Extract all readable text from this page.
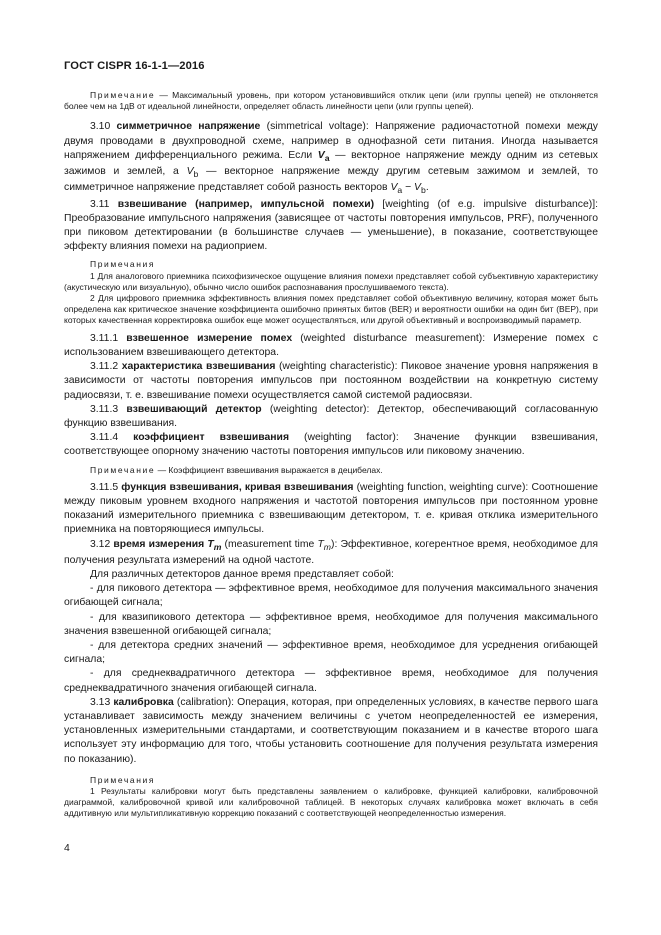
ГОСТ CISPR 16-1-1—2016

Примечание — Максимальный уровень, при котором установившийся отклик цепи (или группы цепей) не отклоняется более чем на 1дВ от идеальной линейности, определяет область линейности цепи (или группы цепей).

3.10 симметричное напряжение (simmetrical voltage): Напряжение радиочастотной помехи между двумя проводами в двухпроводной схеме, например в однофазной сети питания. Иногда называется напряжением дифференциального режима. Если $V_a$ — векторное напряжение между одним из сетевых зажимов и землей, а $V_b$ — векторное напряжение между другим сетевым зажимом и землей, то симметричное напряжение представляет собой разность векторов $V_a - V_b$.

3.11 взвешивание (например, импульсной помехи) [weighting (of e.g. impulsive disturbance)]: Преобразование импульсного напряжения (зависящее от частоты повторения импульсов, PRF), полученного при пиковом детектировании (в большинстве случаев — уменьшение), в показание, соответствующее эффекту влияния помехи на радиоприем.

Примечания

1 Для аналогового приемника психофизическое ощущение влияния помехи представляет собой субъективную характеристику (акустическую или визуальную), обычно число ошибок распознавания прослушиваемого текста).

2 Для цифрового приемника эффективность влияния помех представляет собой объективную величину, которая может быть определена как критическое значение коэффициента ошибочно принятых битов (BER) и вероятности ошибки на один бит (ВЕР), при которых качественная корректировка ошибок еще может осуществляться, или другой объективный и воспроизводимый параметр.

3.11.1 взвешенное измерение помех (weighted disturbance measurement): Измерение помех с использованием взвешивающего детектора.

3.11.2 характеристика взвешивания (weighting characteristic): Пиковое значение уровня напряжения в зависимости от частоты повторения импульсов при постоянном воздействии на конкретную систему радиосвязи, т. е. взвешивание помехи осуществляется самой системой радиосвязи.

3.11.3 взвешивающий детектор (weighting detector): Детектор, обеспечивающий согласованную функцию взвешивания.

3.11.4 коэффициент взвешивания (weighting factor): Значение функции взвешивания, соответствующее опорному значению частоты повторения импульсов или пиковому значению.

Примечание — Коэффициент взвешивания выражается в децибелах.

3.11.5 функция взвешивания, кривая взвешивания (weighting function, weighting curve): Соотношение между пиковым уровнем входного напряжения и частотой повторения импульсов при постоянном уровне показаний измерительного приемника с взвешивающим детектором, т. е. кривая отклика измерительного приемника на повторяющиеся импульсы.

3.12 время измерения $T_m$ (measurement time $T_m$): Эффективное, когерентное время, необходимое для получения результата измерений на одной частоте.

Для различных детекторов данное время представляет собой:

- для пикового детектора — эффективное время, необходимое для получения максимального значения огибающей сигнала;

- для квазипикового детектора — эффективное время, необходимое для получения максимального значения взвешенной огибающей сигнала;

- для детектора средних значений — эффективное время, необходимое для усреднения огибающей сигнала;

- для среднеквадратичного детектора — эффективное время, необходимое для получения среднеквадратичного значения огибающей сигнала.

3.13 калибровка (calibration): Операция, которая, при определенных условиях, в качестве первого шага устанавливает зависимость между значением величины с учетом неопределенностей ее измерения, установленных измерительными стандартами, и соответствующим показанием и в качестве второго шага использует эту информацию для того, чтобы установить соотношение для получения результата измерения по показанию).

Примечания

1 Результаты калибровки могут быть представлены заявлением о калибровке, функцией калибровки, калибровочной диаграммой, калибровочной кривой или калибровочной таблицей. В некоторых случаях калибровка может включать в себя аддитивную или мультипликативную коррекцию показаний с соответствующей неопределенностью измерения.

4
